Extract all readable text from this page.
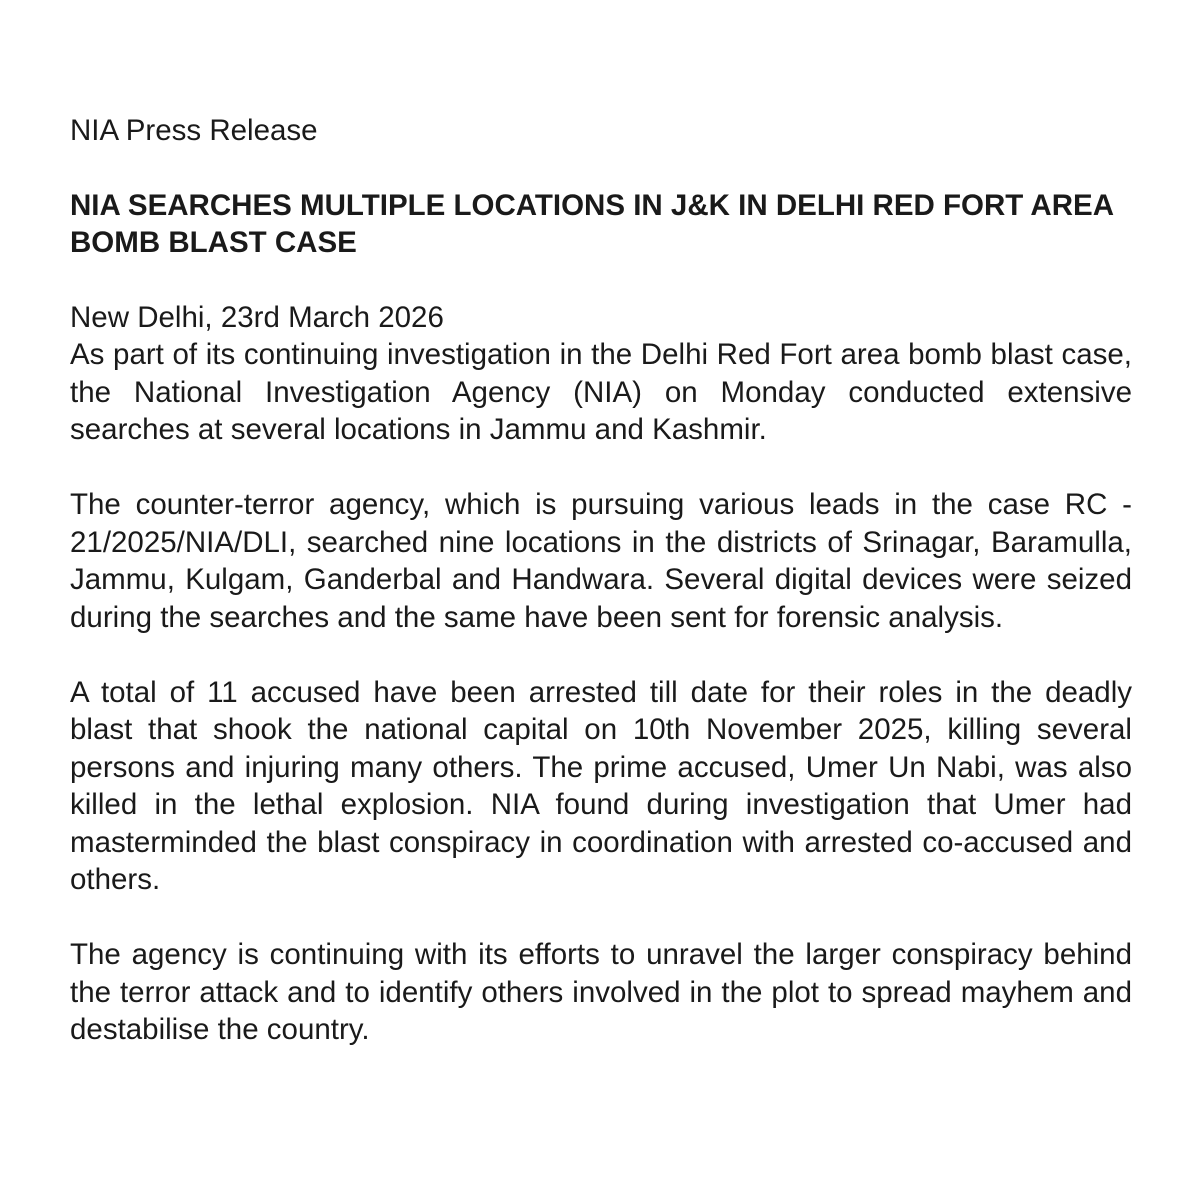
NIA Press Release

NIA SEARCHES MULTIPLE LOCATIONS IN J&K IN DELHI RED FORT AREA BOMB BLAST CASE

New Delhi, 23rd March 2026

As part of its continuing investigation in the Delhi Red Fort area bomb blast case, the National Investigation Agency (NIA) on Monday conducted extensive searches at several locations in Jammu and Kashmir.

The counter-terror agency, which is pursuing various leads in the case RC - 21/2025/NIA/DLI, searched nine locations in the districts of Srinagar, Baramulla, Jammu, Kulgam, Ganderbal and Handwara. Several digital devices were seized during the searches and the same have been sent for forensic analysis.

A total of 11 accused have been arrested till date for their roles in the deadly blast that shook the national capital on 10th November 2025, killing several persons and injuring many others. The prime accused, Umer Un Nabi, was also killed in the lethal explosion. NIA found during investigation that Umer had masterminded the blast conspiracy in coordination with arrested co-accused and others.

The agency is continuing with its efforts to unravel the larger conspiracy behind the terror attack and to identify others involved in the plot to spread mayhem and destabilise the country.
